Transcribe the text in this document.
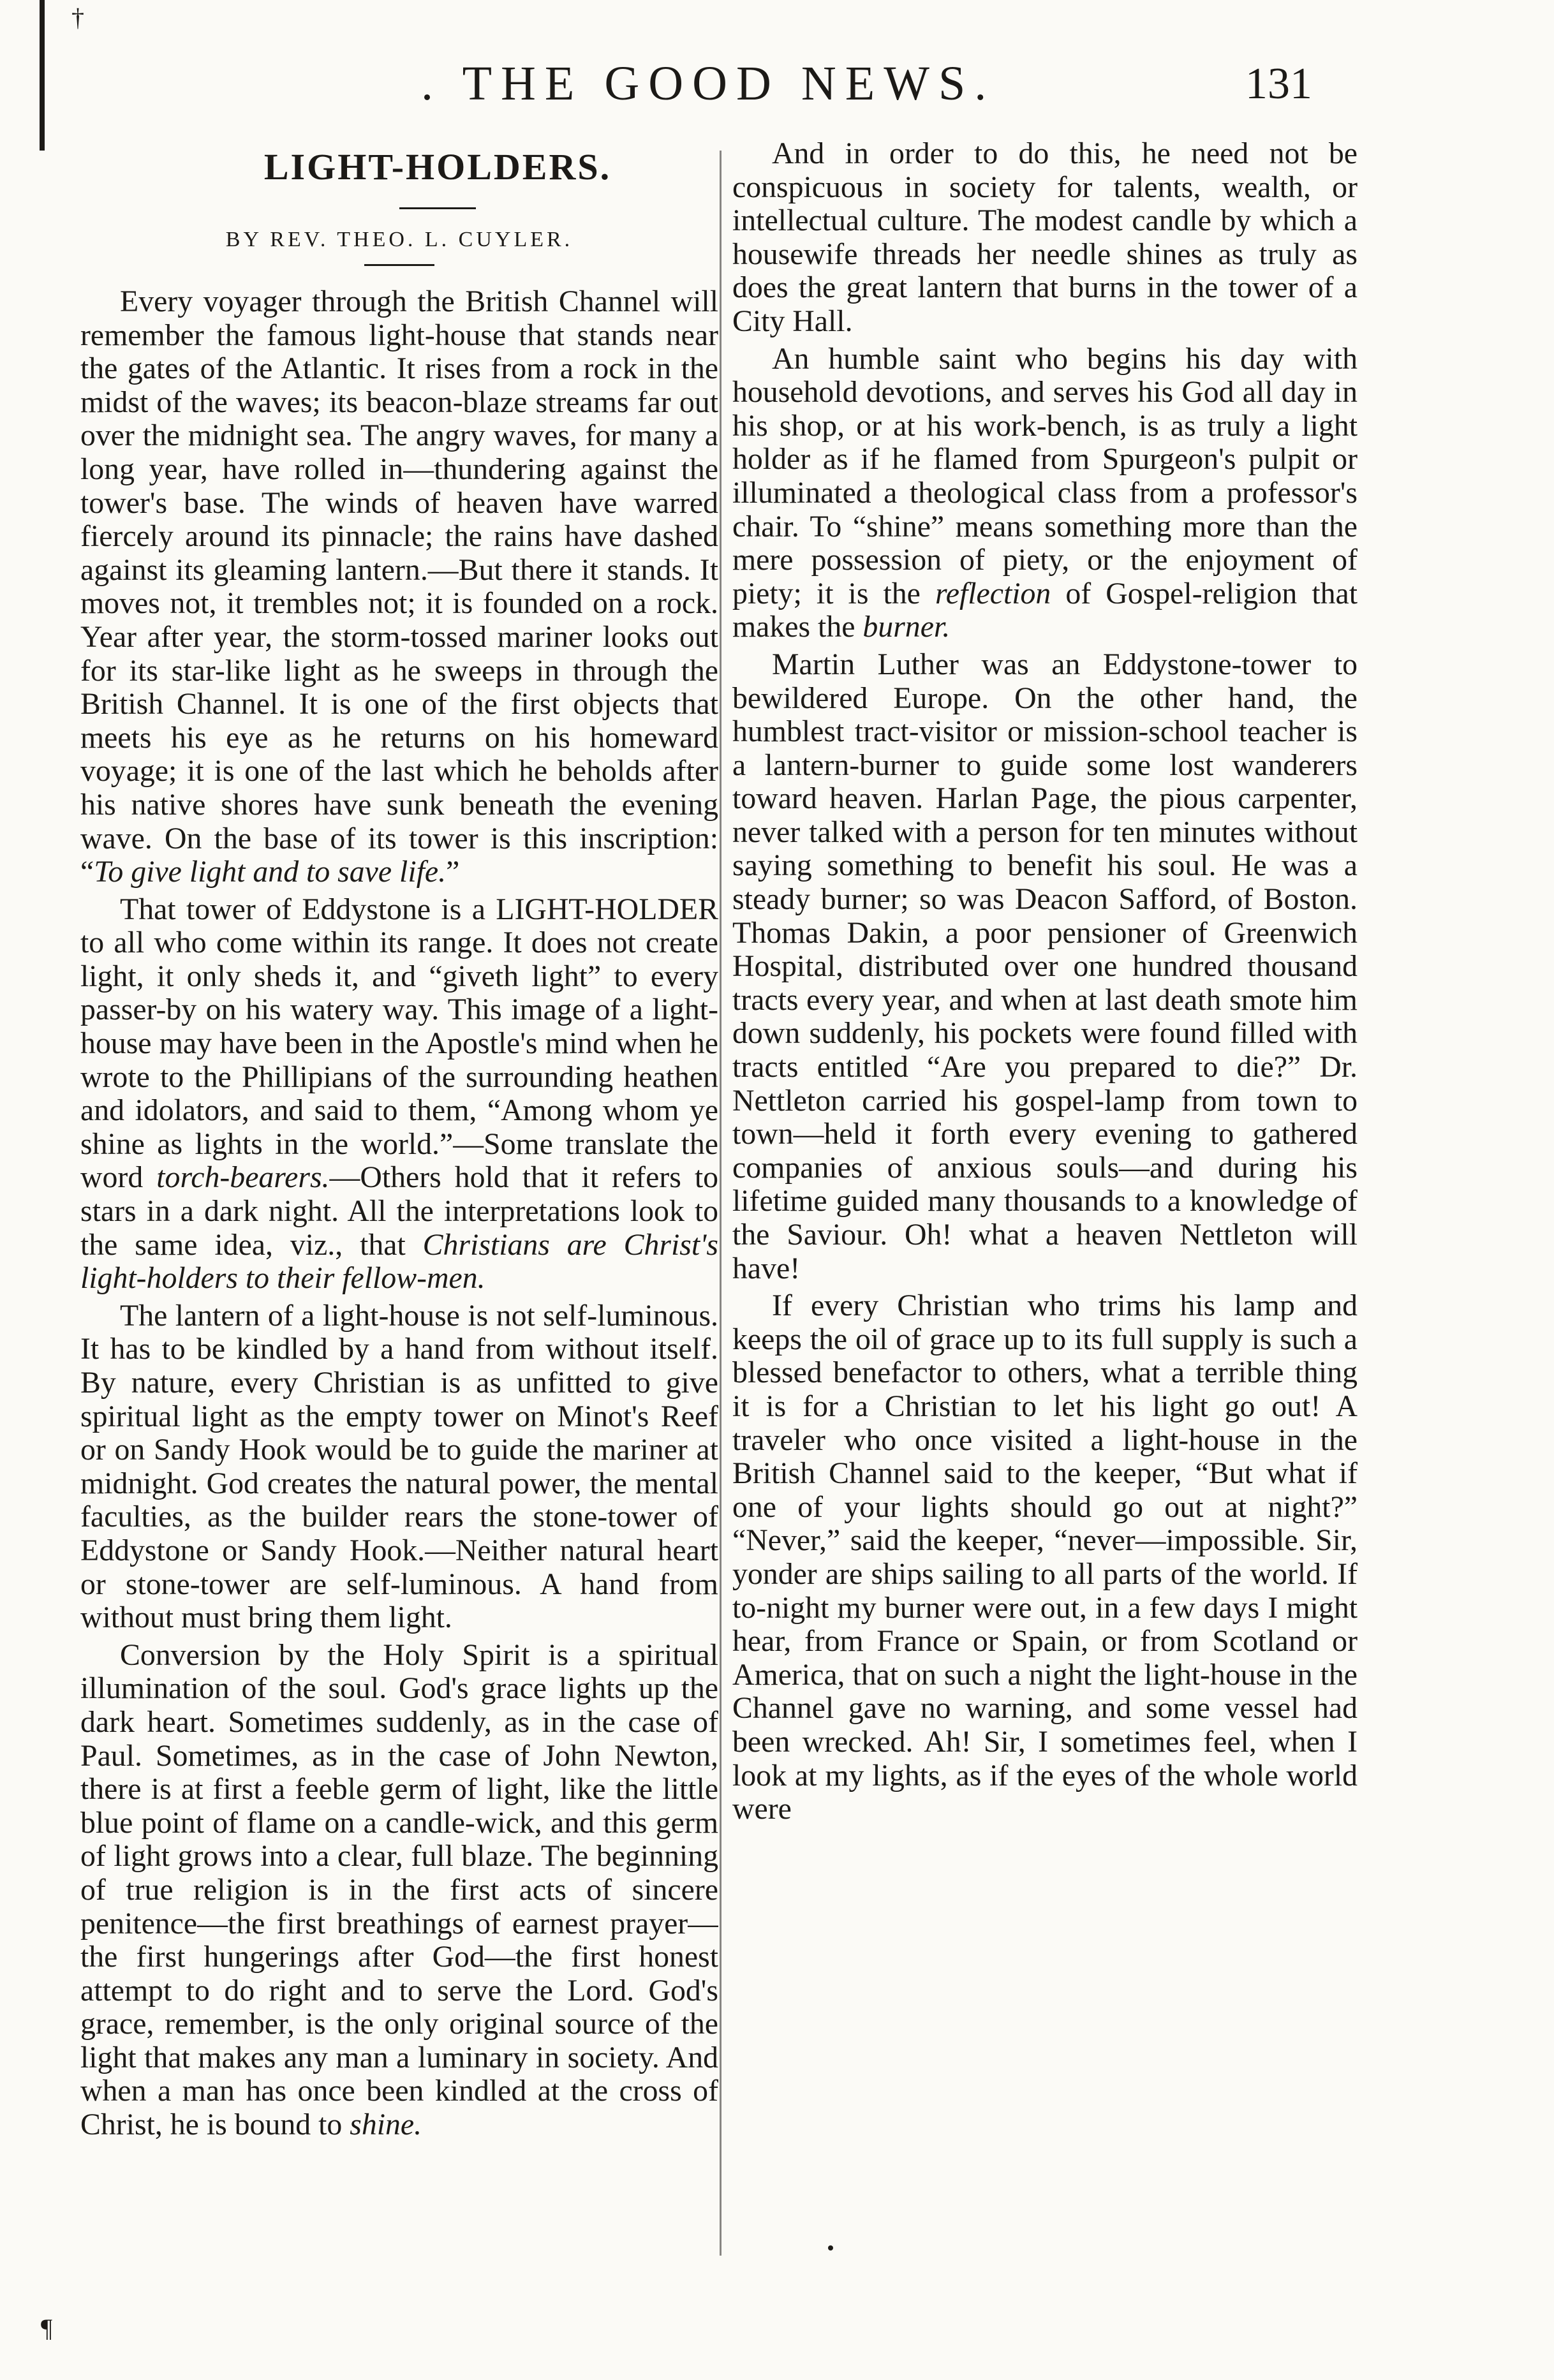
†
. THE GOOD NEWS.	131
LIGHT-HOLDERS.
BY REV. THEO. L. CUYLER.

Every voyager through the British Channel will remember the famous light-house that stands near the gates of the Atlantic. It rises from a rock in the midst of the waves; its beacon-blaze streams far out over the midnight sea. The angry waves, for many a long year, have rolled in—thundering against the tower's base. The winds of heaven have warred fiercely around its pinnacle; the rains have dashed against its gleaming lantern.—But there it stands. It moves not, it trembles not; it is founded on a rock. Year after year, the storm-tossed mariner looks out for its star-like light as he sweeps in through the British Channel. It is one of the first objects that meets his eye as he returns on his homeward voyage; it is one of the last which he beholds after his native shores have sunk beneath the evening wave. On the base of its tower is this inscription: “To give light and to save life.”

That tower of Eddystone is a LIGHT-HOLDER to all who come within its range. It does not create light, it only sheds it, and “giveth light” to every passer-by on his watery way. This image of a light-house may have been in the Apostle's mind when he wrote to the Phillipians of the surrounding heathen and idolators, and said to them, “Among whom ye shine as lights in the world.”—Some translate the word torch-bearers.—Others hold that it refers to stars in a dark night. All the interpretations look to the same idea, viz., that Christians are Christ's light-holders to their fellow-men.

The lantern of a light-house is not self-luminous. It has to be kindled by a hand from without itself. By nature, every Christian is as unfitted to give spiritual light as the empty tower on Minot's Reef or on Sandy Hook would be to guide the mariner at midnight. God creates the natural power, the mental faculties, as the builder rears the stone-tower of Eddystone or Sandy Hook.—Neither natural heart or stone-tower are self-luminous. A hand from without must bring them light.

Conversion by the Holy Spirit is a spiritual illumination of the soul. God's grace lights up the dark heart. Sometimes suddenly, as in the case of Paul. Sometimes, as in the case of John Newton, there is at first a feeble germ of light, like the little blue point of flame on a candle-wick, and this germ of light grows into a clear, full blaze. The beginning of true religion is in the first acts of sincere penitence—the first breathings of earnest prayer—the first hungerings after God—the first honest attempt to do right and to serve the Lord. God's grace, remember, is the only original source of the light that makes any man a luminary in society. And when a man has once been kindled at the cross of Christ, he is bound to shine.

And in order to do this, he need not be conspicuous in society for talents, wealth, or intellectual culture. The modest candle by which a housewife threads her needle shines as truly as does the great lantern that burns in the tower of a City Hall.

An humble saint who begins his day with household devotions, and serves his God all day in his shop, or at his work-bench, is as truly a light holder as if he flamed from Spurgeon's pulpit or illuminated a theological class from a professor's chair. To “shine” means something more than the mere possession of piety, or the enjoyment of piety; it is the reflection of Gospel-religion that makes the burner.

Martin Luther was an Eddystone-tower to bewildered Europe. On the other hand, the humblest tract-visitor or mission-school teacher is a lantern-burner to guide some lost wanderers toward heaven. Harlan Page, the pious carpenter, never talked with a person for ten minutes without saying something to benefit his soul. He was a steady burner; so was Deacon Safford, of Boston. Thomas Dakin, a poor pensioner of Greenwich Hospital, distributed over one hundred thousand tracts every year, and when at last death smote him down suddenly, his pockets were found filled with tracts entitled “Are you prepared to die?” Dr. Nettleton carried his gospel-lamp from town to town—held it forth every evening to gathered companies of anxious souls—and during his lifetime guided many thousands to a knowledge of the Saviour. Oh! what a heaven Nettleton will have!

If every Christian who trims his lamp and keeps the oil of grace up to its full supply is such a blessed benefactor to others, what a terrible thing it is for a Christian to let his light go out! A traveler who once visited a light-house in the British Channel said to the keeper, “But what if one of your lights should go out at night?” “Never,” said the keeper, “never—impossible. Sir, yonder are ships sailing to all parts of the world. If to-night my burner were out, in a few days I might hear, from France or Spain, or from Scotland or America, that on such a night the light-house in the Channel gave no warning, and some vessel had been wrecked. Ah! Sir, I sometimes feel, when I look at my lights, as if the eyes of the whole world were

¶
